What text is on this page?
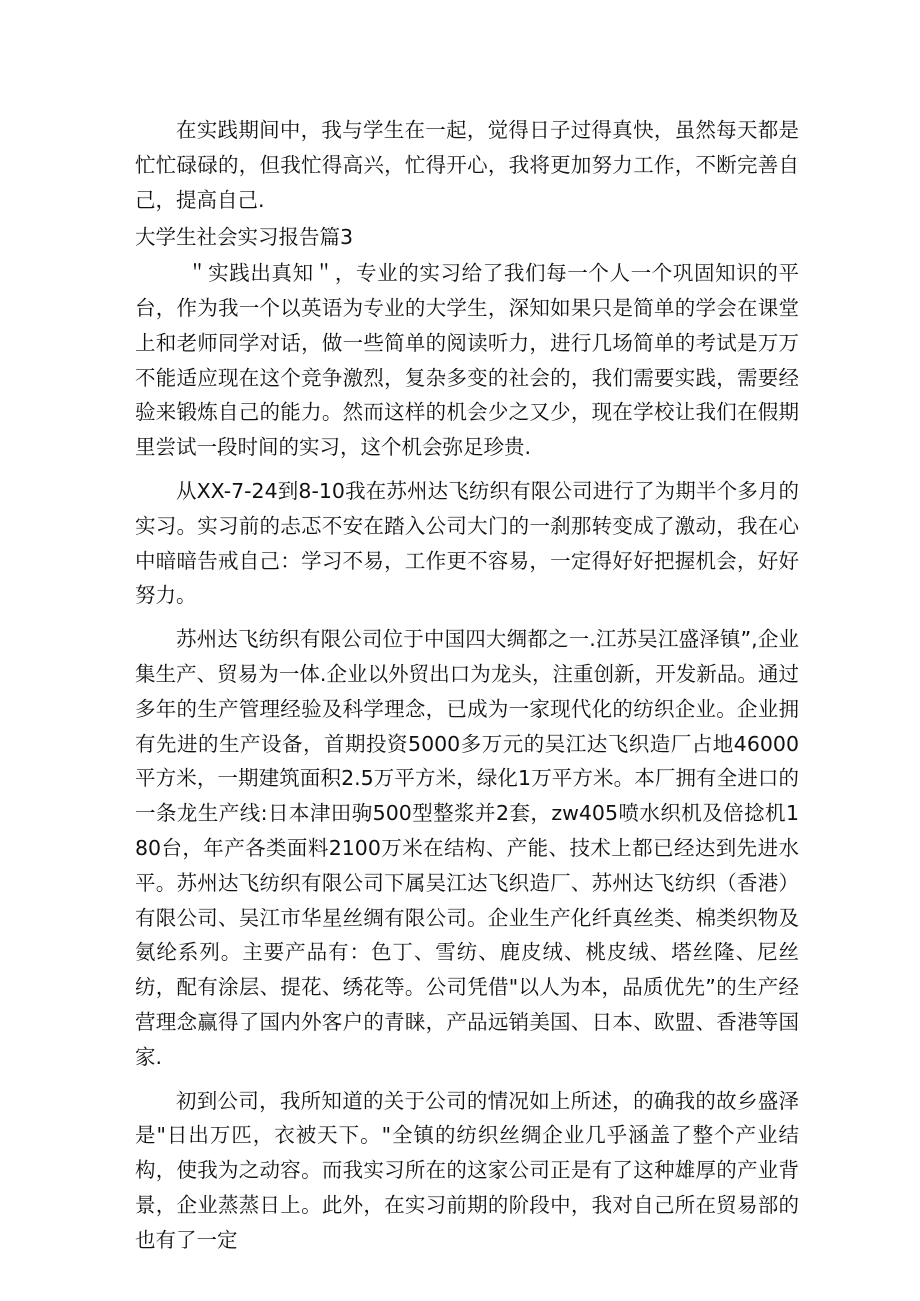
在实践期间中，我与学生在一起，觉得日子过得真快，虽然每天都是忙忙碌碌的，但我忙得高兴，忙得开心，我将更加努力工作，不断完善自己，提高自己.

大学生社会实习报告篇3

＂实践出真知＂，专业的实习给了我们每一个人一个巩固知识的平台，作为我一个以英语为专业的大学生，深知如果只是简单的学会在课堂上和老师同学对话，做一些简单的阅读听力，进行几场简单的考试是万万不能适应现在这个竞争激烈，复杂多变的社会的，我们需要实践，需要经验来锻炼自己的能力。然而这样的机会少之又少，现在学校让我们在假期里尝试一段时间的实习，这个机会弥足珍贵.

从XX-7-24到8-10我在苏州达飞纺织有限公司进行了为期半个多月的实习。实习前的忐忑不安在踏入公司大门的一刹那转变成了激动，我在心中暗暗告戒自己：学习不易，工作更不容易，一定得好好把握机会，好好努力。

苏州达飞纺织有限公司位于中国四大绸都之一.江苏吴江盛泽镇”,企业集生产、贸易为一体.企业以外贸出口为龙头，注重创新，开发新品。通过多年的生产管理经验及科学理念，已成为一家现代化的纺织企业。企业拥有先进的生产设备，首期投资5000多万元的吴江达飞织造厂占地46000平方米，一期建筑面积2.5万平方米，绿化1万平方米。本厂拥有全进口的一条龙生产线:日本津田驹500型整浆并2套，zw405喷水织机及倍捻机180台，年产各类面料2100万米在结构、产能、技术上都已经达到先进水平。苏州达飞纺织有限公司下属吴江达飞织造厂、苏州达飞纺织（香港）有限公司、吴江市华星丝绸有限公司。企业生产化纤真丝类、棉类织物及氨纶系列。主要产品有：色丁、雪纺、鹿皮绒、桃皮绒、塔丝隆、尼丝纺，配有涂层、提花、绣花等。公司凭借"以人为本，品质优先”的生产经营理念赢得了国内外客户的青睐，产品远销美国、日本、欧盟、香港等国家.

初到公司，我所知道的关于公司的情况如上所述，的确我的故乡盛泽是"日出万匹，衣被天下。"全镇的纺织丝绸企业几乎涵盖了整个产业结构，使我为之动容。而我实习所在的这家公司正是有了这种雄厚的产业背景，企业蒸蒸日上。此外，在实习前期的阶段中，我对自己所在贸易部的也有了一定
